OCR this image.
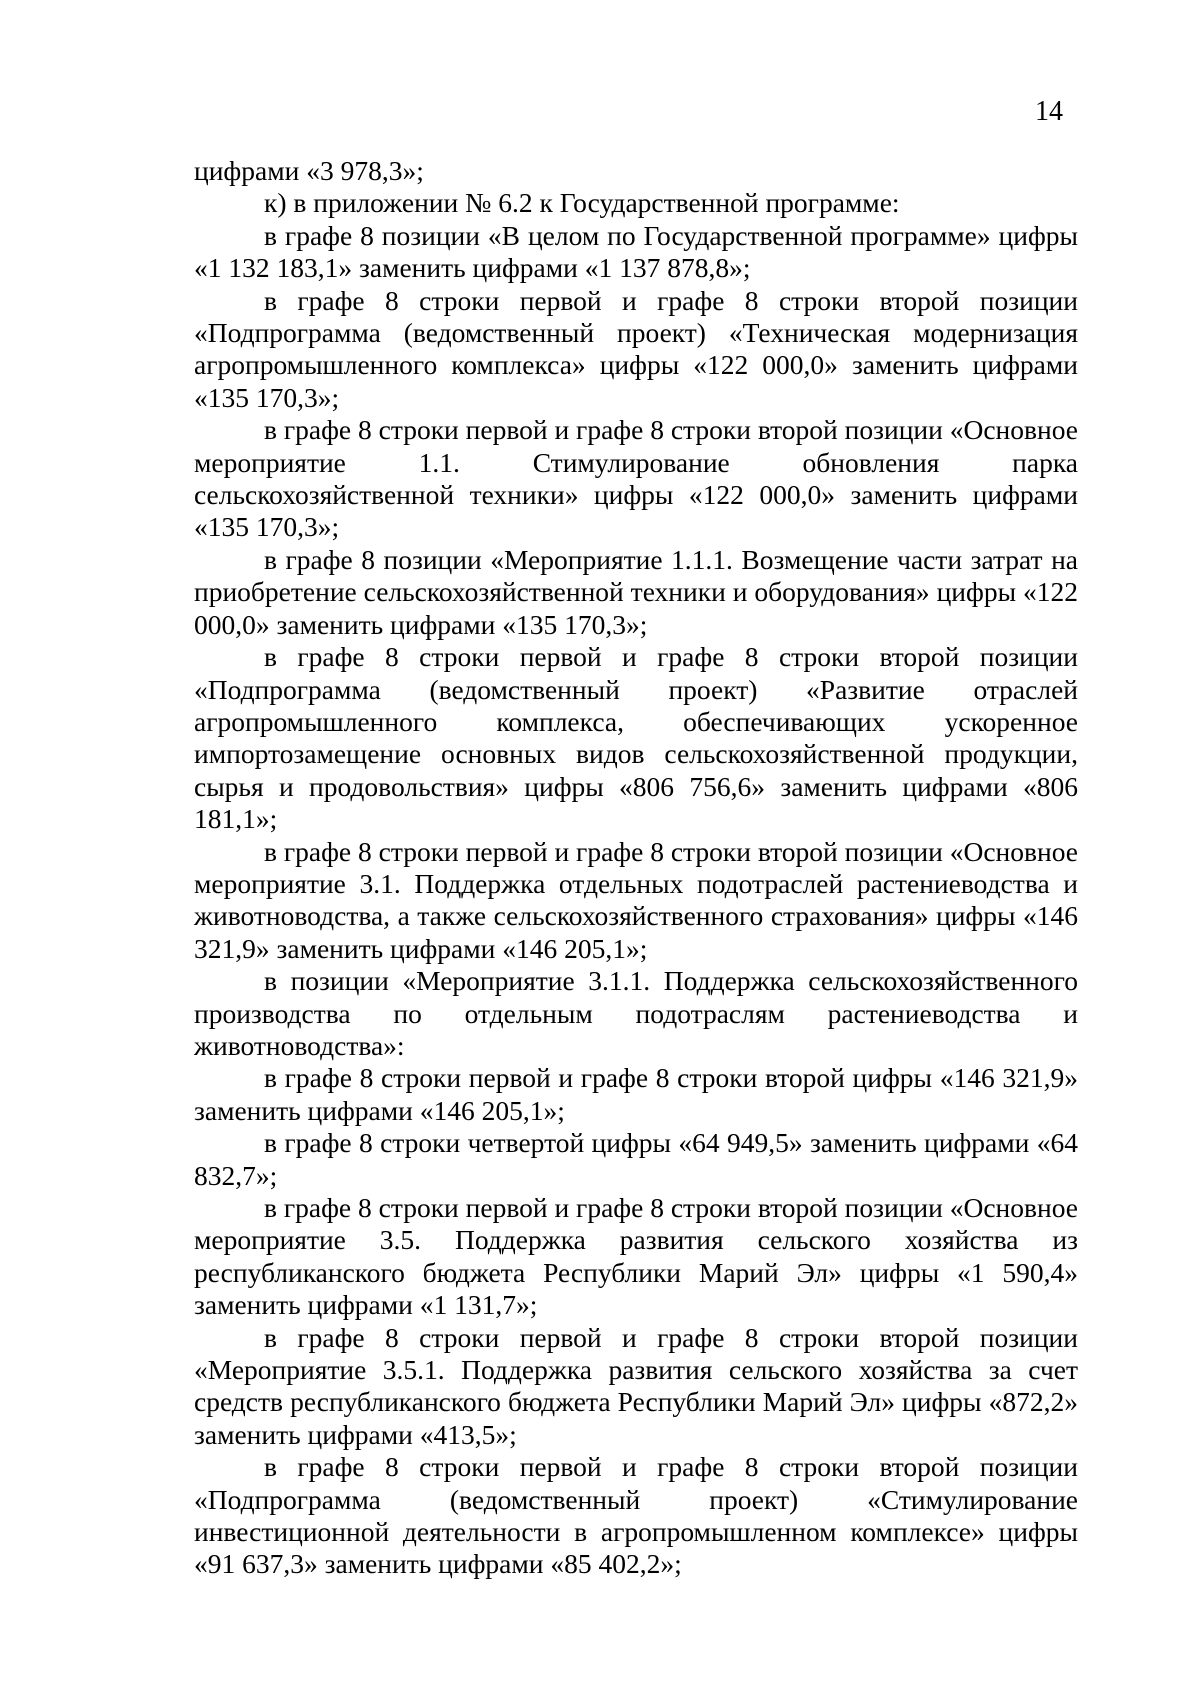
14

цифрами «3 978,3»;

к) в приложении № 6.2 к Государственной программе:

в графе 8 позиции «В целом по Государственной программе» цифры «1 132 183,1» заменить цифрами «1 137 878,8»;

в графе 8 строки первой и графе 8 строки второй позиции «Подпрограмма (ведомственный проект) «Техническая модернизация агропромышленного комплекса» цифры «122 000,0» заменить цифрами «135 170,3»;

в графе 8 строки первой и графе 8 строки второй позиции «Основное мероприятие 1.1. Стимулирование обновления парка сельскохозяйственной техники» цифры «122 000,0» заменить цифрами «135 170,3»;

в графе 8 позиции «Мероприятие 1.1.1. Возмещение части затрат на приобретение сельскохозяйственной техники и оборудования» цифры «122 000,0» заменить цифрами «135 170,3»;

в графе 8 строки первой и графе 8 строки второй позиции «Подпрограмма (ведомственный проект) «Развитие отраслей агропромышленного комплекса, обеспечивающих ускоренное импортозамещение основных видов сельскохозяйственной продукции, сырья и продовольствия» цифры «806 756,6» заменить цифрами «806 181,1»;

в графе 8 строки первой и графе 8 строки второй позиции «Основное мероприятие 3.1. Поддержка отдельных подотраслей растениеводства и животноводства, а также сельскохозяйственного страхования» цифры «146 321,9» заменить цифрами «146 205,1»;

в позиции «Мероприятие 3.1.1. Поддержка сельскохозяйственного производства по отдельным подотраслям растениеводства и животноводства»:

в графе 8 строки первой и графе 8 строки второй цифры «146 321,9» заменить цифрами «146 205,1»;

в графе 8 строки четвертой цифры «64 949,5» заменить цифрами «64 832,7»;

в графе 8 строки первой и графе 8 строки второй позиции «Основное мероприятие 3.5. Поддержка развития сельского хозяйства из республиканского бюджета Республики Марий Эл» цифры «1 590,4» заменить цифрами «1 131,7»;

в графе 8 строки первой и графе 8 строки второй позиции «Мероприятие 3.5.1. Поддержка развития сельского хозяйства за счет средств республиканского бюджета Республики Марий Эл» цифры «872,2» заменить цифрами «413,5»;

в графе 8 строки первой и графе 8 строки второй позиции «Подпрограмма (ведомственный проект) «Стимулирование инвестиционной деятельности в агропромышленном комплексе» цифры «91 637,3» заменить цифрами «85 402,2»;
